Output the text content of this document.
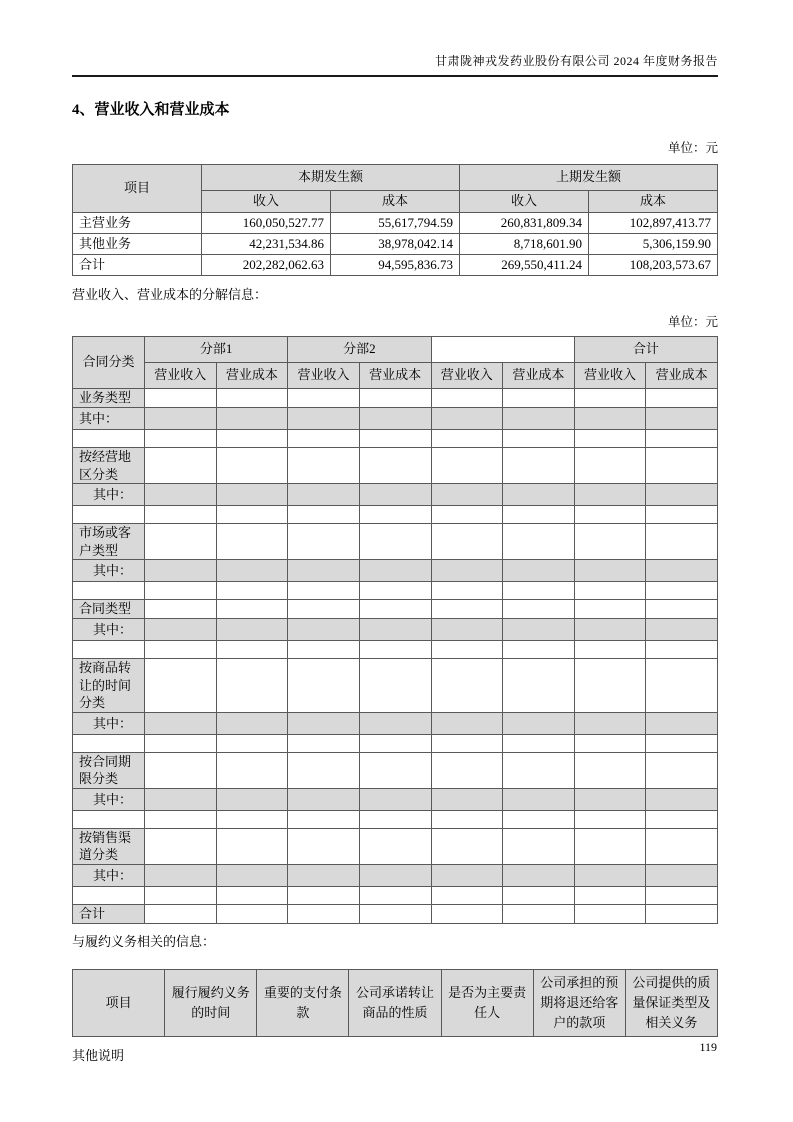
甘肃陇神戎发药业股份有限公司 2024 年度财务报告
4、营业收入和营业成本
单位：元
项目	本期发生额		上期发生额	
	收入	成本	收入	成本
主营业务	160,050,527.77	55,617,794.59	260,831,809.34	102,897,413.77
其他业务	42,231,534.86	38,978,042.14	8,718,601.90	5,306,159.90
合计	202,282,062.63	94,595,836.73	269,550,411.24	108,203,573.67
营业收入、营业成本的分解信息：
单位：元
合同分类	分部1		分部2				合计	
	营业收入	营业成本	营业收入	营业成本	营业收入	营业成本	营业收入	营业成本
业务类型								
其中：								

按经营地区分类								
其中：								

市场或客户类型								
其中：								

合同类型								
其中：								

按商品转让的时间分类								
其中：								

按合同期限分类								
其中：								

按销售渠道分类								
其中：								

合计								
与履约义务相关的信息：
项目	履行履约义务的时间	重要的支付条款	公司承诺转让商品的性质	是否为主要责任人	公司承担的预期将退还给客户的款项	公司提供的质量保证类型及相关义务
其他说明
119
